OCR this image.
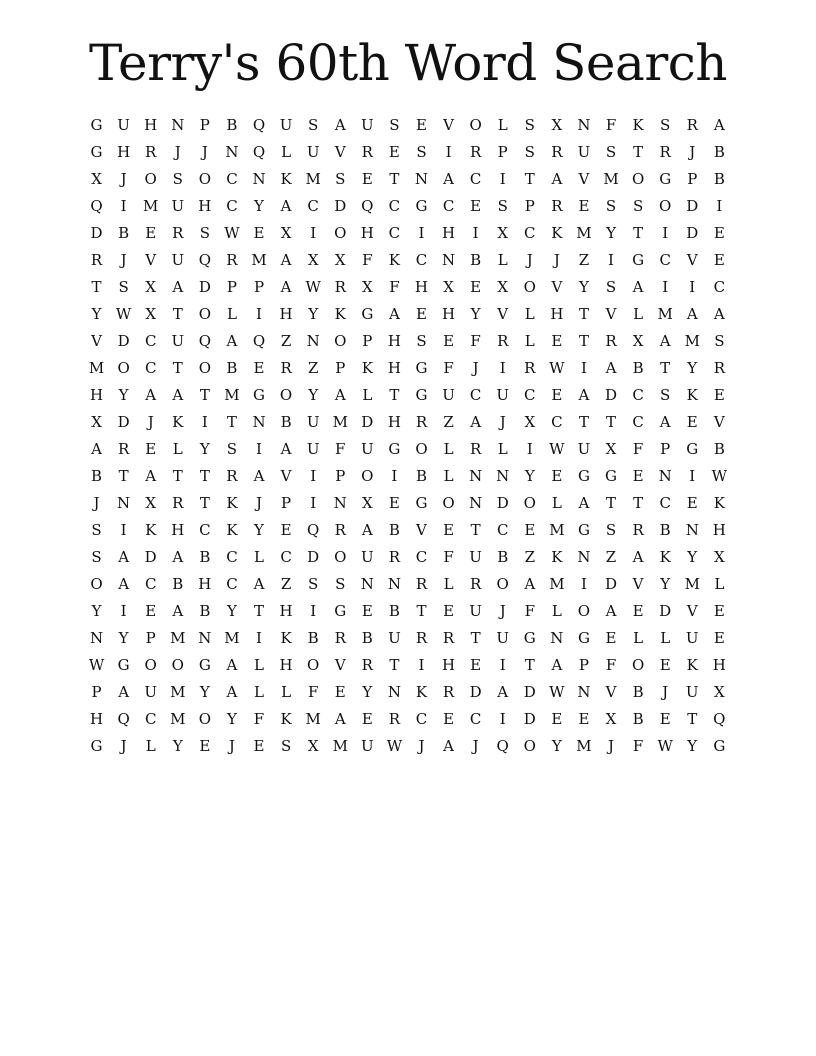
Terry's 60th Word Search
G U H N	P	B	Q U	S	A	U	S	E	V	O	L	S	X	N	F	K	S	R	A
G H R	J	J	N Q	L	U	V	R	E	S	I	R	P	S	R	U	S	T	R	J	B
X	J	O	S	O	C N K M S	E	T	N	A	C	I	T	A	V M O G	P	B
Q	I	M U H C	Y	A	C	D Q	C	G	C	E	S	P	R	E	S	S	O D	I
D	B	E	R	S W E	X	I	O H C	I	H	I	X	C	K M Y	T	I	D	E
R	J	V	U Q	R M A	X	X	F	K	C N	B	L	J	J	Z	I	G	C	V	E
T	S	X	A	D	P	P	A W R	X	F	H	X	E	X	O	V	Y	S	A	I	I	C
Y W X	T	O	L	I	H	Y	K	G	A	E	H	Y	V	L	H	T	V	L M A	A
V	D	C	U Q	A	Q	Z	N O	P	H	S	E	F	R	L	E	T	R	X	A M S
M O	C	T	O	B	E	R	Z	P	K H G	F	J	I	R W	I	A	B	T	Y	R
H	Y	A	A	T M G O	Y	A	L	T	G U	C	U	C	E	A	D	C	S	K	E
X	D	J	K	I	T	N	B	U M D H R	Z	A	J	X	C	T	T	C	A	E	V
A	R	E	L	Y	S	I	A	U	F	U G O	L	R	L	I	W U	X	F	P	G	B
B	T	A	T	T	R	A	V	I	P	O	I	B	L	N N	Y	E	G	G	E	N	I	W
J	N	X	R	T	K	J	P	I	N	X	E	G O N D O	L	A	T	T	C	E	K
S	I	K H C	K	Y	E	Q	R	A	B	V	E	T	C	E M G	S	R	B	N H
S	A	D	A	B	C	L	C	D O U	R	C	F	U	B	Z	K N	Z	A	K	Y	X
O	A	C	B	H C	A	Z	S	S	N N R	L	R	O	A M	I	D	V	Y M L
Y	I	E	A	B	Y	T	H	I	G	E	B	T	E	U	J	F	L	O	A	E	D	V	E
N	Y	P M N M	I	K	B	R	B	U	R	R	T	U G N G	E	L	L	U	E
W G O O G	A	L	H O	V	R	T	I	H	E	I	T	A	P	F	O	E	K H
P	A	U M Y	A	L	L	F	E	Y	N K	R	D	A	D W N	V	B	J	U	X
H Q	C M O	Y	F	K M A	E	R	C	E	C	I	D	E	E	X	B	E	T	Q
G	J	L	Y	E	J	E	S	X M U W	J	A	J	Q O	Y M	J	F W Y	G
